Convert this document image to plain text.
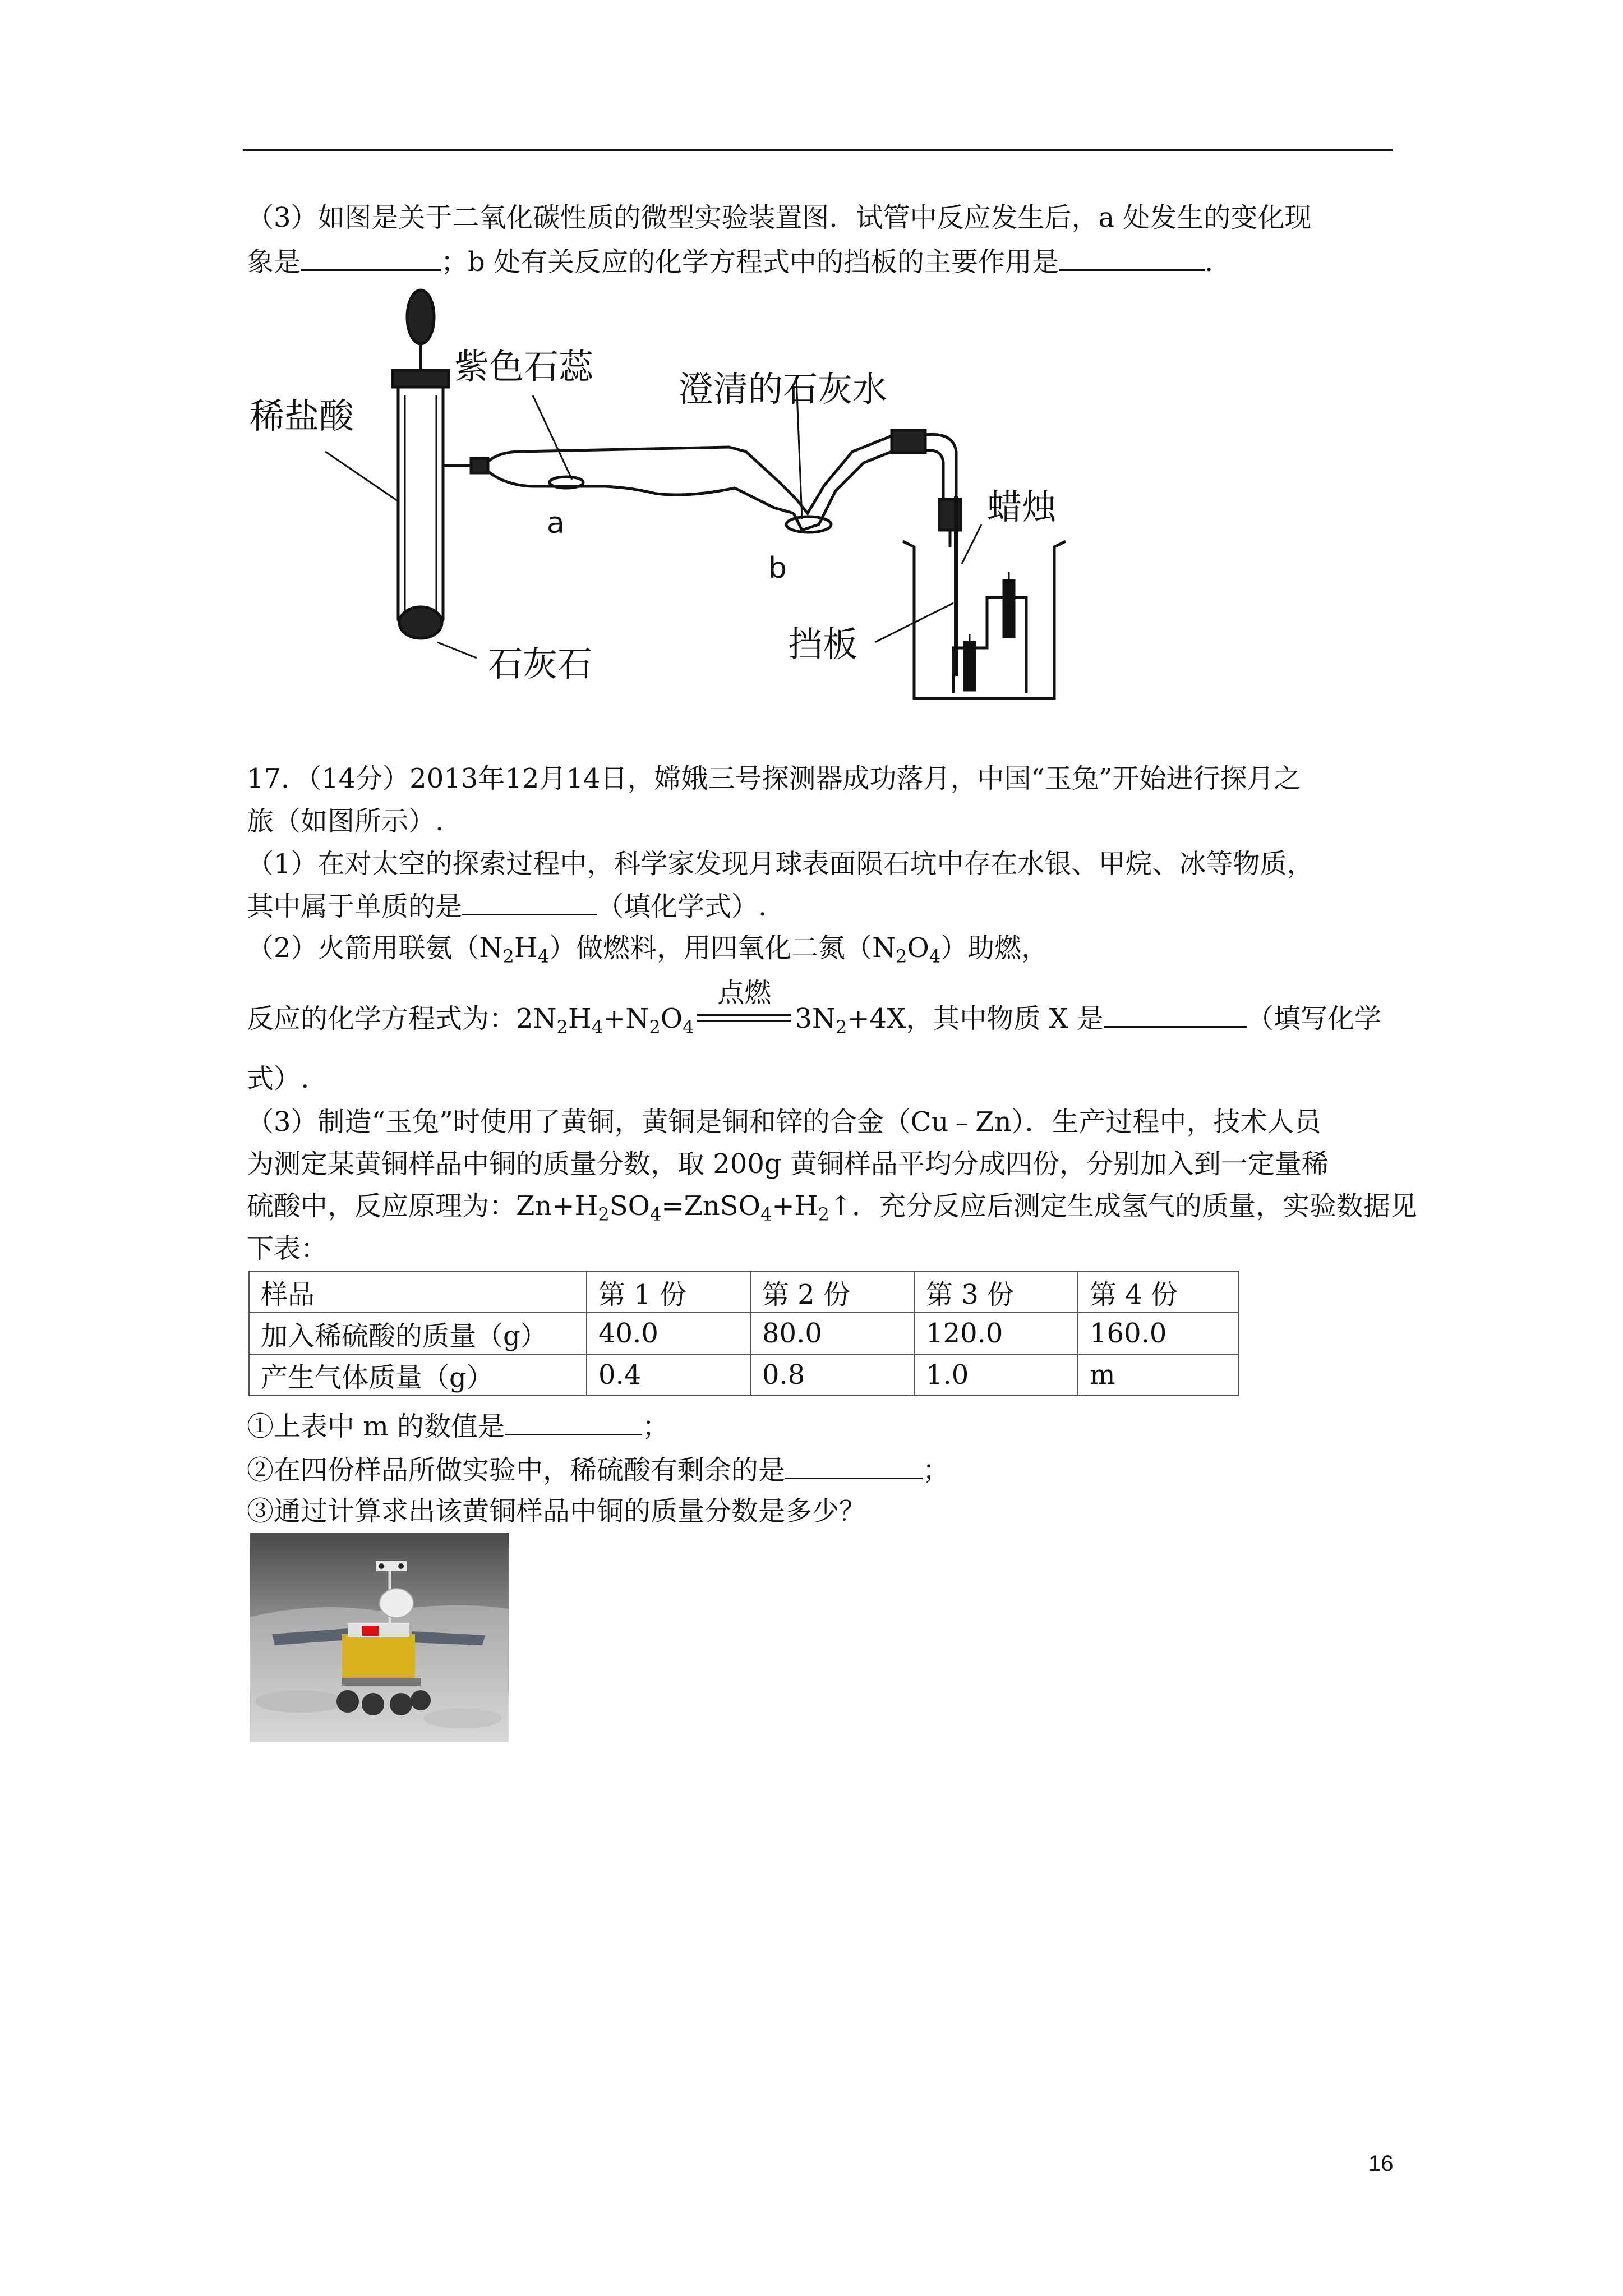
（3）如图是关于二氧化碳性质的微型实验装置图．试管中反应发生后，a 处发生的变化现
象是	；b 处有关反应的化学方程式中的挡板的主要作用是	.
稀盐酸
紫色石蕊
澄清的石灰水
蜡烛
a
b
挡板
石灰石
17．（14分）2013年12月14日，嫦娥三号探测器成功落月，中国“玉兔”开始进行探月之
旅（如图所示）.
（1）在对太空的探索过程中，科学家发现月球表面陨石坑中存在水银、甲烷、冰等物质，
其中属于单质的是	（填化学式）.
（2）火箭用联氨$(N_2H_4)$做燃料，用四氧化二氮$(N_2O_4)$助燃，
反应的化学方程式为：$2N_2H_4+N_2O_4$
点燃
$3N_2+4X$，其中物质 X 是	（填写化学
式）.
（3）制造“玉兔”时使用了黄铜，黄铜是铜和锌的合金（Cu﹣Zn）．生产过程中，技术人员
为测定某黄铜样品中铜的质量分数，取 200g 黄铜样品平均分成四份，分别加入到一定量稀
硫酸中，反应原理为：$Zn+H_2SO_4=ZnSO_4+H_2↑$．充分反应后测定生成氢气的质量，实验数据见
下表：
样品	第 1 份	第 2 份	第 3 份	第 4 份
加入稀硫酸的质量（g）	40.0	80.0	120.0	160.0
产生气体质量（g）	0.4	0.8	1.0	m
①上表中 m 的数值是	；
②在四份样品所做实验中，稀硫酸有剩余的是	；
③通过计算求出该黄铜样品中铜的质量分数是多少？
16
